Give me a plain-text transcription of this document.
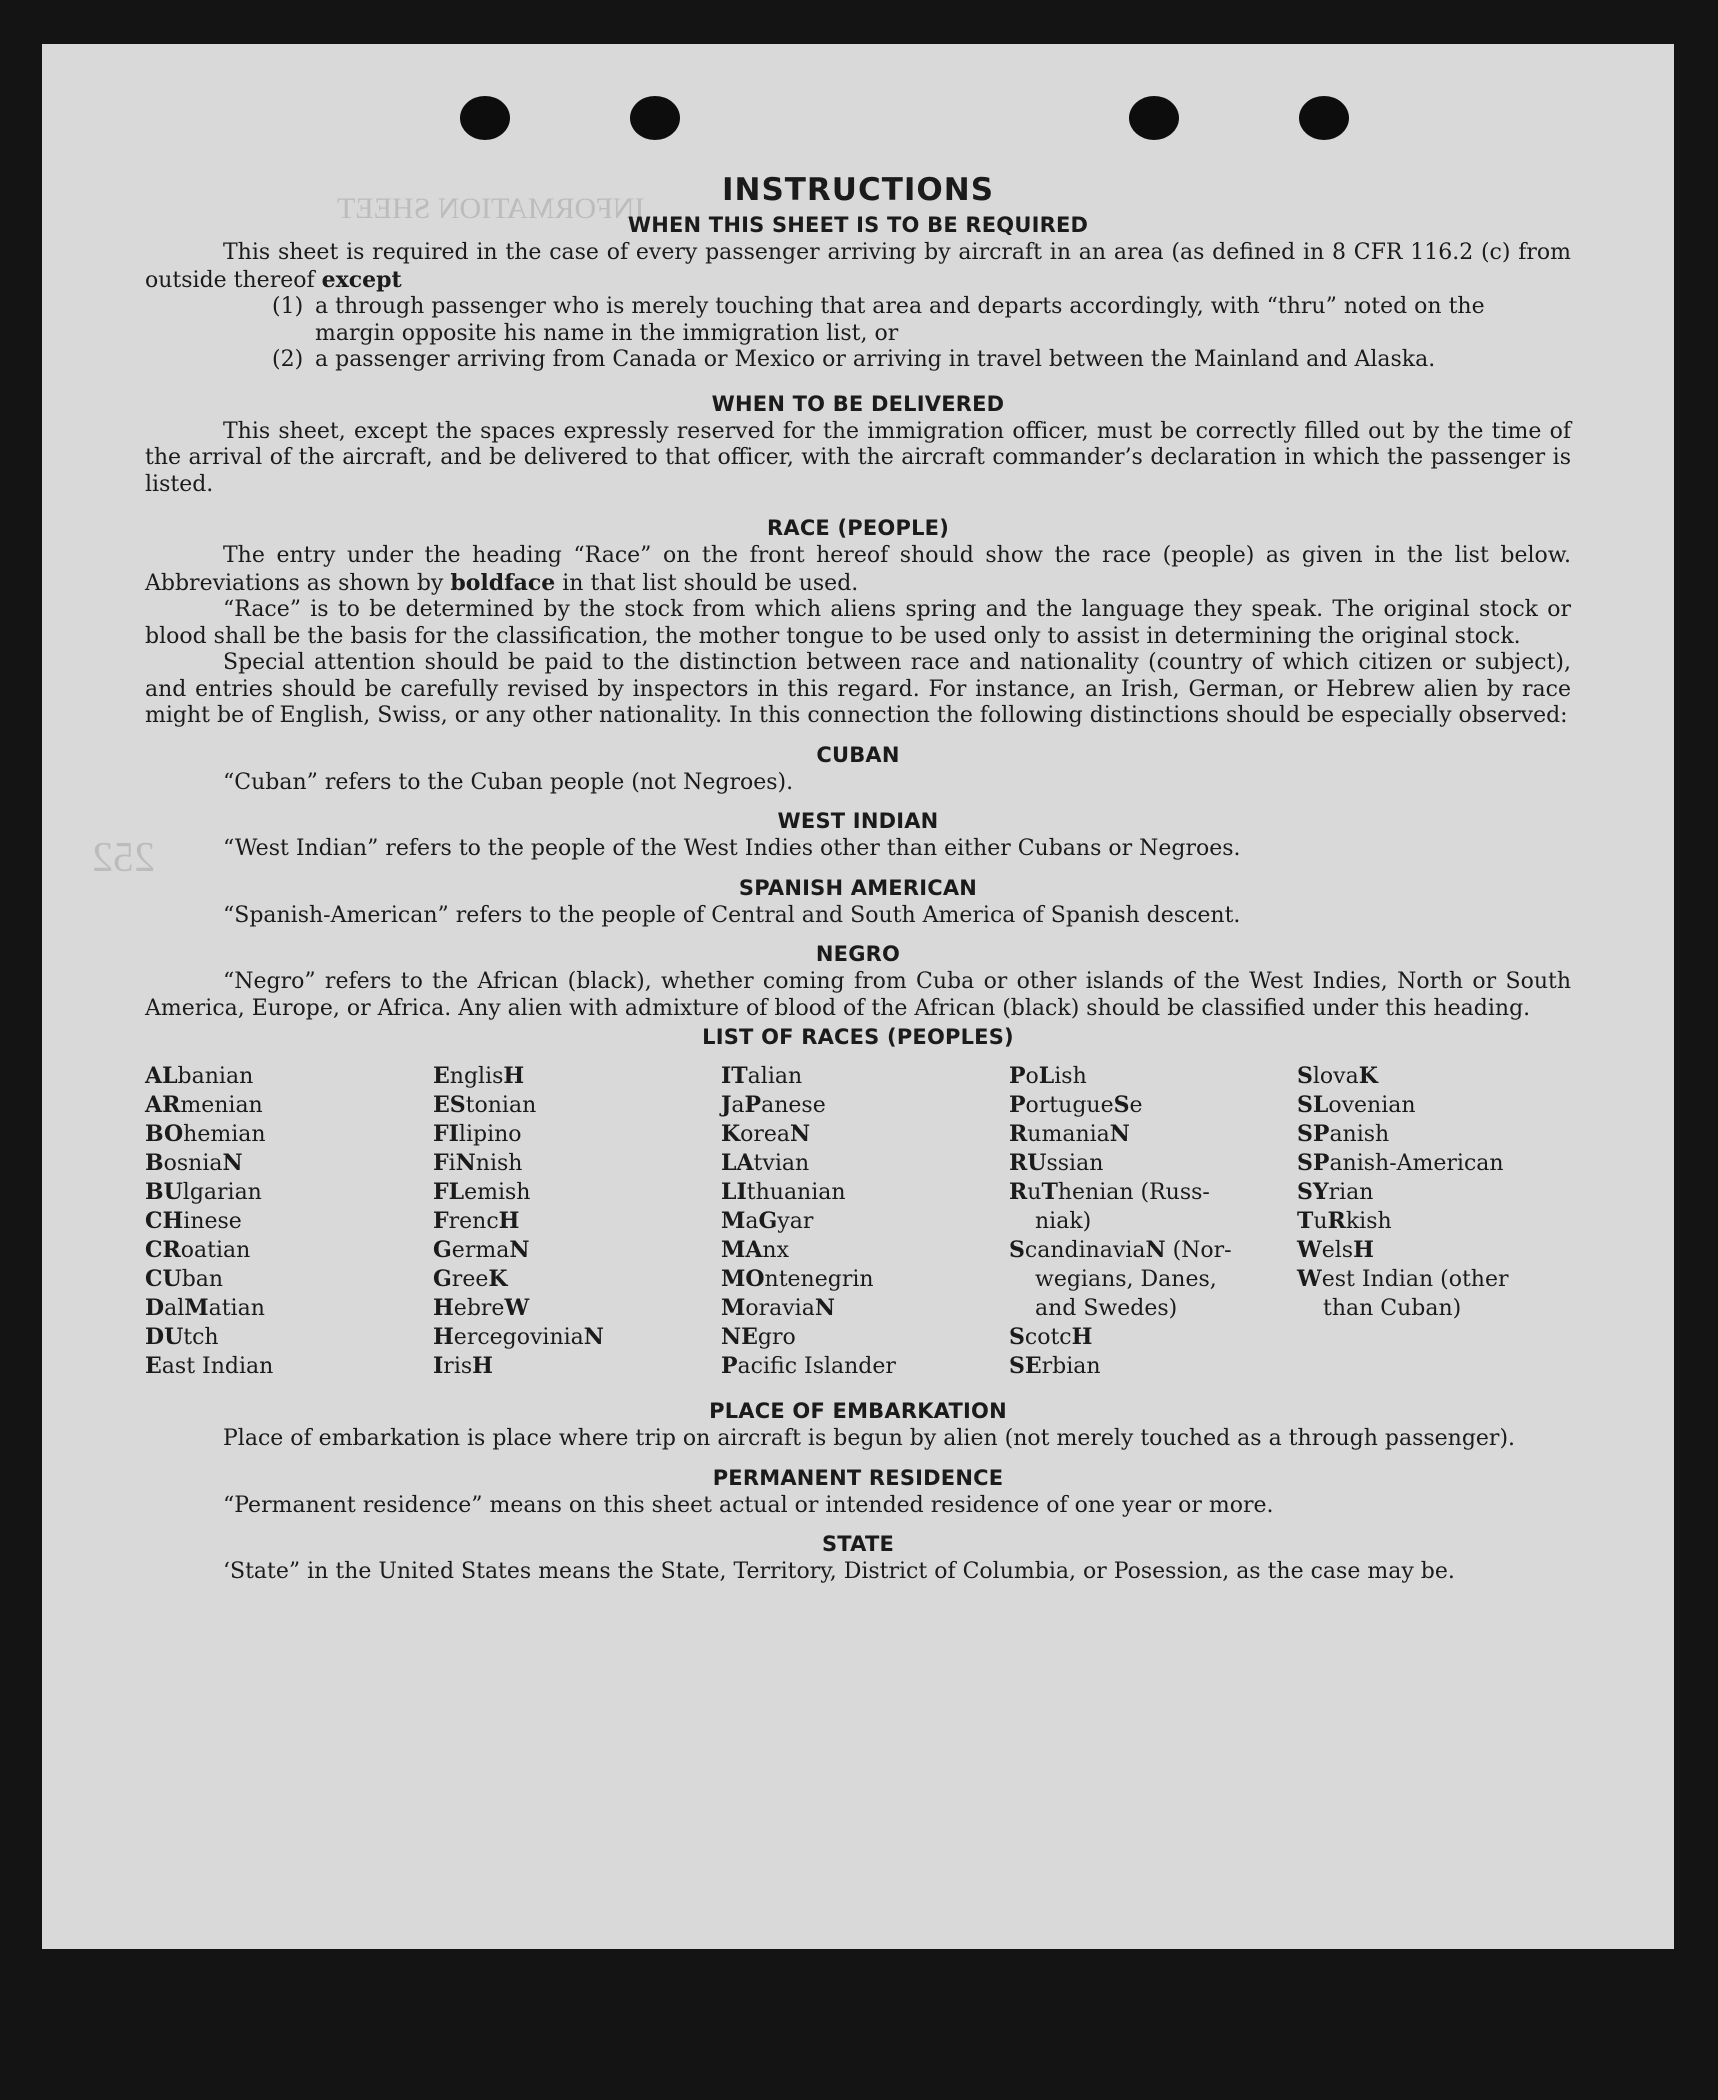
252
INFORMATION SHEET
INSTRUCTIONS
WHEN THIS SHEET IS TO BE REQUIRED

This sheet is required in the case of every passenger arriving by aircraft in an area (as defined in 8 CFR 116.2 (c) from outside thereof except

(1) a through passenger who is merely touching that area and departs accordingly, with “thru” noted on the margin opposite his name in the immigration list, or
(2) a passenger arriving from Canada or Mexico or arriving in travel between the Mainland and Alaska.
WHEN TO BE DELIVERED

This sheet, except the spaces expressly reserved for the immigration officer, must be correctly filled out by the time of the arrival of the aircraft, and be delivered to that officer, with the aircraft commander’s declaration in which the passenger is listed.

RACE (PEOPLE)

The entry under the heading “Race” on the front hereof should show the race (people) as given in the list below. Abbreviations as shown by boldface in that list should be used.

“Race” is to be determined by the stock from which aliens spring and the language they speak. The original stock or blood shall be the basis for the classification, the mother tongue to be used only to assist in determining the original stock.

Special attention should be paid to the distinction between race and nationality (country of which citizen or subject), and entries should be carefully revised by inspectors in this regard. For instance, an Irish, German, or Hebrew alien by race might be of English, Swiss, or any other nationality. In this connection the following distinctions should be especially observed:

CUBAN

“Cuban” refers to the Cuban people (not Negroes).

WEST INDIAN

“West Indian” refers to the people of the West Indies other than either Cubans or Negroes.

SPANISH AMERICAN

“Spanish-American” refers to the people of Central and South America of Spanish descent.

NEGRO

“Negro” refers to the African (black), whether coming from Cuba or other islands of the West Indies, North or South America, Europe, or Africa. Any alien with admixture of blood of the African (black) should be classified under this heading.

LIST OF RACES (PEOPLES)
ALbanian	EnglisH	ITalian	PoLish	SlovaK
ARmenian	EStonian	JaPanese	PortugueSe	SLovenian
BOhemian	FIlipino	KoreaN	RumaniaN	SPanish
BosniaN	FiNnish	LAtvian	RUssian	SPanish-American
BUlgarian	FLemish	LIthuanian	RuThenian (Russ-	SYrian
CHinese	FrencH	MaGyar	niak)	TuRkish
CRoatian	GermaN	MAnx	ScandinaviaN (Nor-	WelsH
CUban	GreeK	MOntenegrin	wegians, Danes,	West Indian (other
DalMatian	HebreW	MoraviaN	and Swedes)	than Cuban)
DUtch	HercegoviniaN	NEgro	ScotcH
East Indian	IrisH	Pacific Islander	SErbian
PLACE OF EMBARKATION

Place of embarkation is place where trip on aircraft is begun by alien (not merely touched as a through passenger).

PERMANENT RESIDENCE

“Permanent residence” means on this sheet actual or intended residence of one year or more.

STATE

‘State” in the United States means the State, Territory, District of Columbia, or Posession, as the case may be.
